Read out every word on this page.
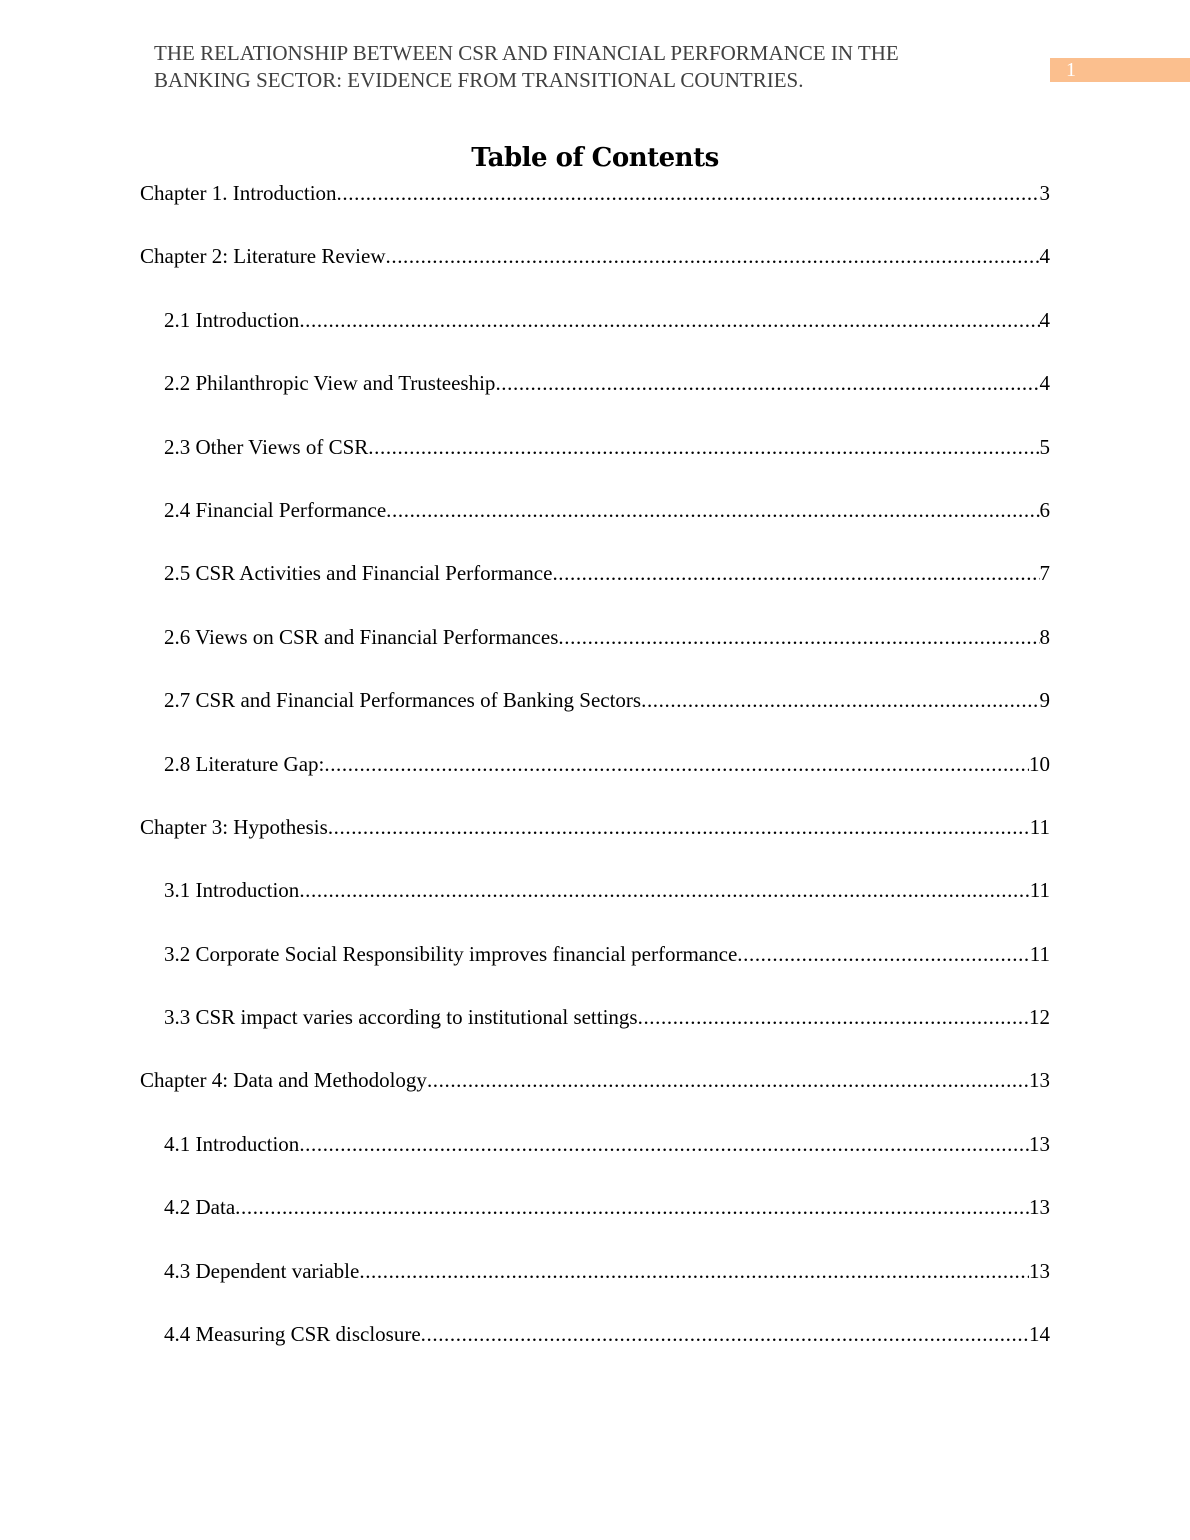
THE RELATIONSHIP BETWEEN CSR AND FINANCIAL PERFORMANCE IN THE
BANKING SECTOR: EVIDENCE FROM TRANSITIONAL COUNTRIES.	1
Table of Contents
Chapter 1. Introduction .....	3
Chapter 2: Literature Review .....	4
2.1 Introduction .....	4
2.2 Philanthropic View and Trusteeship .....	4
2.3 Other Views of CSR .....	5
2.4 Financial Performance .....	6
2.5 CSR Activities and Financial Performance .....	7
2.6 Views on CSR and Financial Performances .....	8
2.7 CSR and Financial Performances of Banking Sectors .....	9
2.8 Literature Gap: .....	10
Chapter 3: Hypothesis .....	11
3.1 Introduction .....	11
3.2 Corporate Social Responsibility improves financial performance .....	11
3.3 CSR impact varies according to institutional settings .....	12
Chapter 4: Data and Methodology .....	13
4.1 Introduction .....	13
4.2 Data .....	13
4.3 Dependent variable .....	13
4.4 Measuring CSR disclosure .....	14
